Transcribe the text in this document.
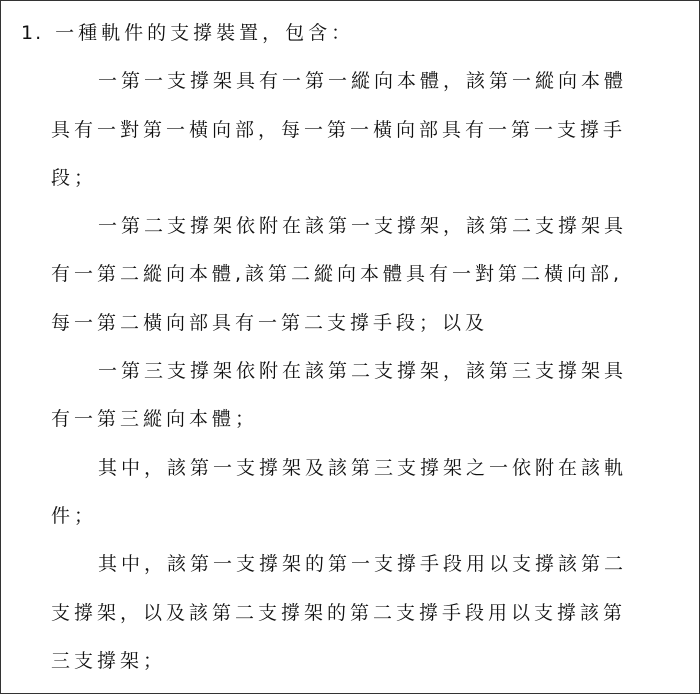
1. 一種軌件的支撐裝置，包含：
一第一支撐架具有一第一縱向本體，該第一縱向本體
具有一對第一橫向部，每一第一橫向部具有一第一支撐手
段；
一第二支撐架依附在該第一支撐架，該第二支撐架具
有一第二縱向本體,該第二縱向本體具有一對第二橫向部,
每一第二橫向部具有一第二支撐手段；以及
一第三支撐架依附在該第二支撐架，該第三支撐架具
有一第三縱向本體；
其中，該第一支撐架及該第三支撐架之一依附在該軌
件；
其中，該第一支撐架的第一支撐手段用以支撐該第二
支撐架，以及該第二支撐架的第二支撐手段用以支撐該第
三支撐架；
